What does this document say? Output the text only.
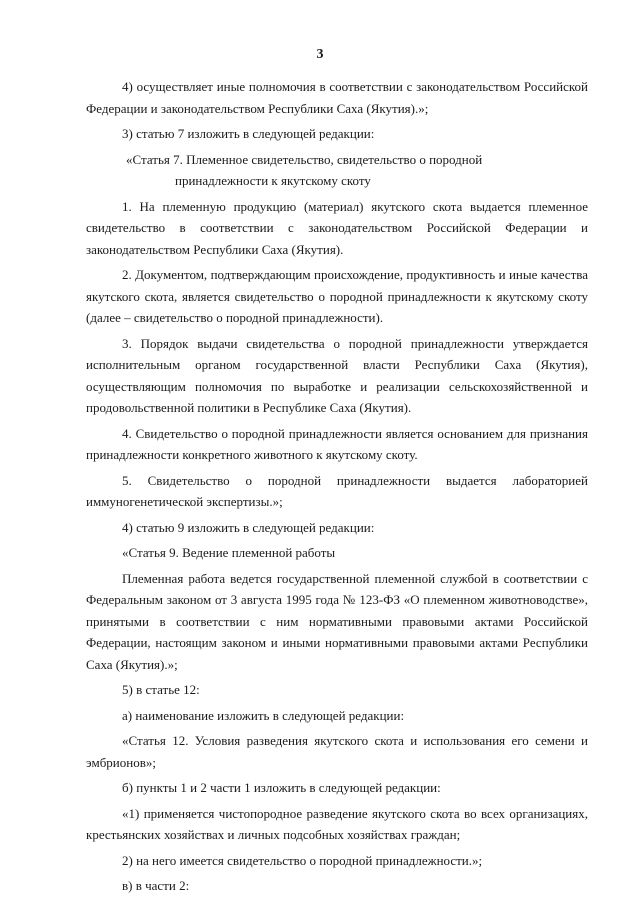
3

4) осуществляет иные полномочия в соответствии с законодательством Российской Федерации и законодательством Республики Саха (Якутия).»;

3) статью 7 изложить в следующей редакции:

«Статья 7. Племенное свидетельство, свидетельство о породной

принадлежности к якутскому скоту

1. На племенную продукцию (материал) якутского скота выдается племенное свидетельство в соответствии с законодательством Российской Федерации и законодательством Республики Саха (Якутия).

2. Документом, подтверждающим происхождение, продуктивность и иные качества якутского скота, является свидетельство о породной принадлежности к якутскому скоту (далее – свидетельство о породной принадлежности).

3. Порядок выдачи свидетельства о породной принадлежности утверждается исполнительным органом государственной власти Республики Саха (Якутия), осуществляющим полномочия по выработке и реализации сельскохозяйственной и продовольственной политики в Республике Саха (Якутия).

4. Свидетельство о породной принадлежности является основанием для признания принадлежности конкретного животного к якутскому скоту.

5. Свидетельство о породной принадлежности выдается лабораторией иммуногенетической экспертизы.»;

4) статью 9 изложить в следующей редакции:

«Статья 9. Ведение племенной работы

Племенная работа ведется государственной племенной службой в соответствии с Федеральным законом от 3 августа 1995 года № 123-ФЗ «О племенном животноводстве», принятыми в соответствии с ним нормативными правовыми актами Российской Федерации, настоящим законом и иными нормативными правовыми актами Республики Саха (Якутия).»;

5) в статье 12:

а) наименование изложить в следующей редакции:

«Статья 12. Условия разведения якутского скота и использования его семени и эмбрионов»;

б) пункты 1 и 2 части 1 изложить в следующей редакции:

«1) применяется чистопородное разведение якутского скота во всех организациях, крестьянских хозяйствах и личных подсобных хозяйствах граждан;

2) на него имеется свидетельство о породной принадлежности.»;

в) в части 2:
